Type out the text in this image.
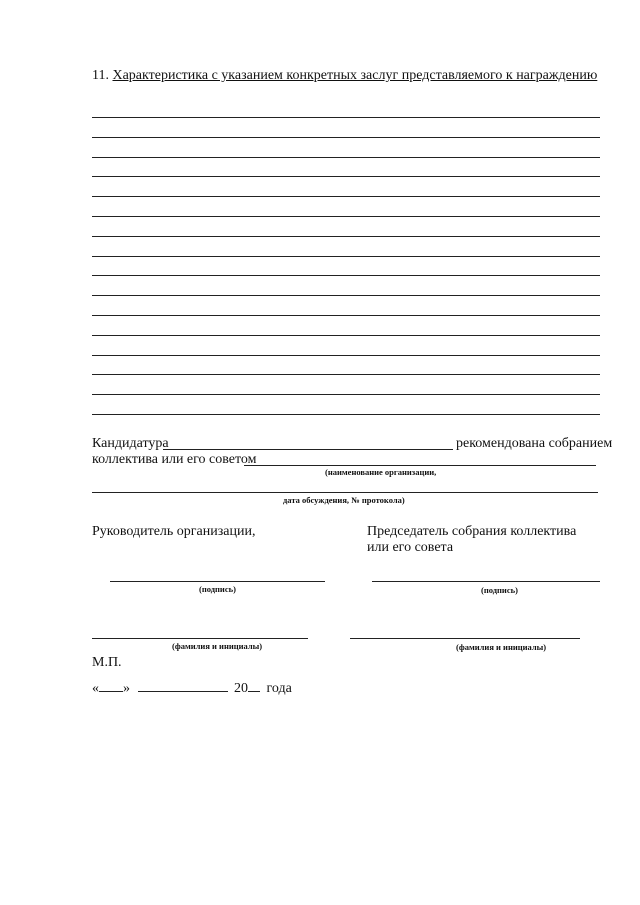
11. Характеристика с указанием конкретных заслуг представляемого к награждению
Кандидатура	рекомендована собранием
коллектива или его советом
(наименование организации,
дата обсуждения, № протокола)
Руководитель организации,	Председатель собрания коллектива
или его совета
(подпись)	(подпись)
(фамилия и инициалы)	(фамилия и инициалы)
М.П.
« »	20 года
